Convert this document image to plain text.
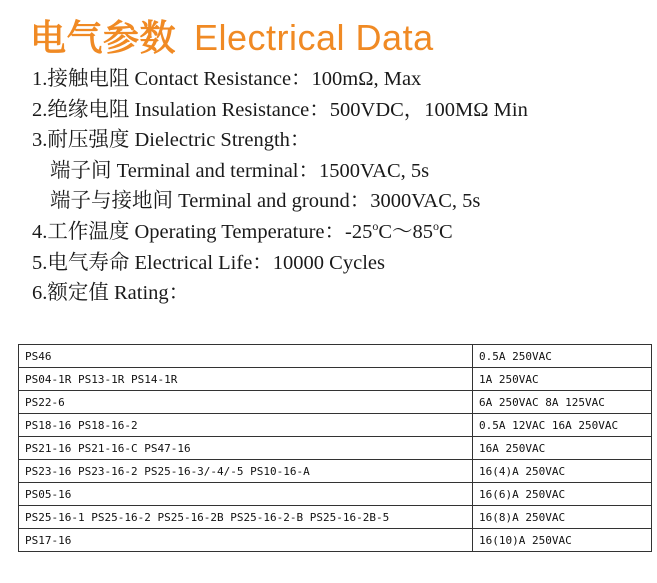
电气参数 Electrical Data
1.接触电阻 Contact Resistance：100mΩ, Max
2.绝缘电阻 Insulation Resistance：500VDC，100MΩ Min
3.耐压强度 Dielectric Strength：
端子间 Terminal and terminal：1500VAC, 5s
端子与接地间 Terminal and ground：3000VAC, 5s
4.工作温度 Operating Temperature：-25$^o$C～85$^o$C
5.电气寿命 Electrical Life：10000 Cycles
6.额定值 Rating：
PS46	0.5A 250VAC
PS04-1R PS13-1R PS14-1R	1A 250VAC
PS22-6	6A 250VAC 8A 125VAC
PS18-16 PS18-16-2	0.5A 12VAC 16A 250VAC
PS21-16 PS21-16-C PS47-16	16A 250VAC
PS23-16 PS23-16-2 PS25-16-3/-4/-5 PS10-16-A	16(4)A 250VAC
PS05-16	16(6)A 250VAC
PS25-16-1 PS25-16-2 PS25-16-2B PS25-16-2-B PS25-16-2B-5	16(8)A 250VAC
PS17-16	16(10)A 250VAC
